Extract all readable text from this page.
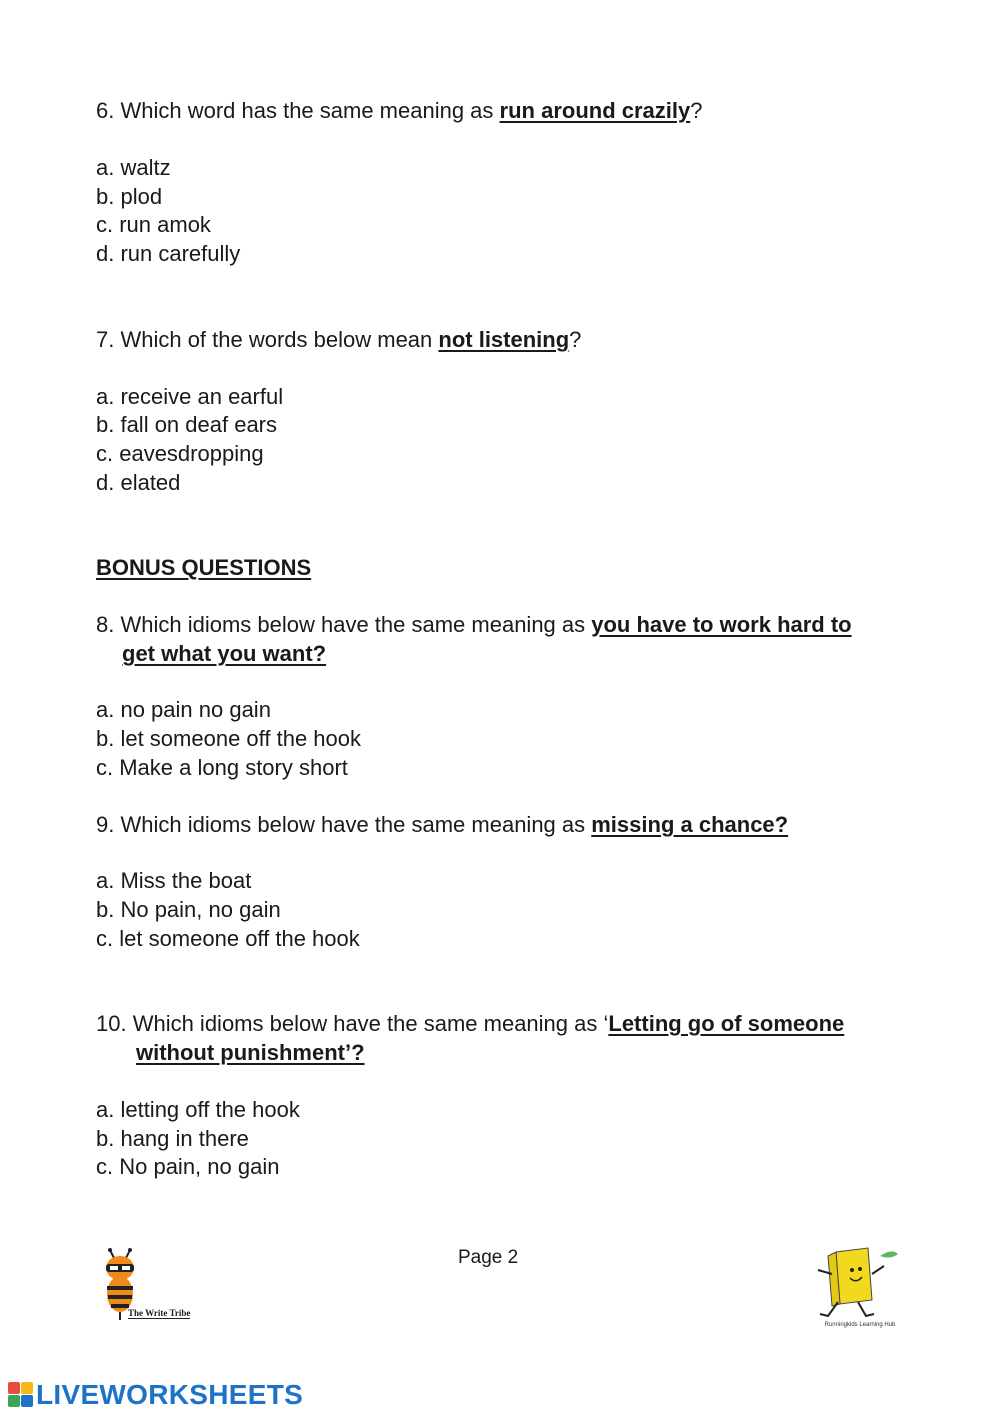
6. Which word has the same meaning as run around crazily?
a. waltz
b. plod
c. run amok
d. run carefully
7. Which of the words below mean not listening?
a. receive an earful
b. fall on deaf ears
c. eavesdropping
d. elated
BONUS QUESTIONS
8. Which idioms below have the same meaning as you have to work hard to
get what you want?
a. no pain no gain
b. let someone off the hook
c. Make a long story short
9. Which idioms below have the same meaning as missing a chance?
a. Miss the boat
b. No pain, no gain
c. let someone off the hook
10. Which idioms below have the same meaning as ‘Letting go of someone
without punishment’?
a. letting off the hook
b. hang in there
c. No pain, no gain
The Write Tribe
Page 2
Runningkids Learning Hub
LIVEWORKSHEETS
